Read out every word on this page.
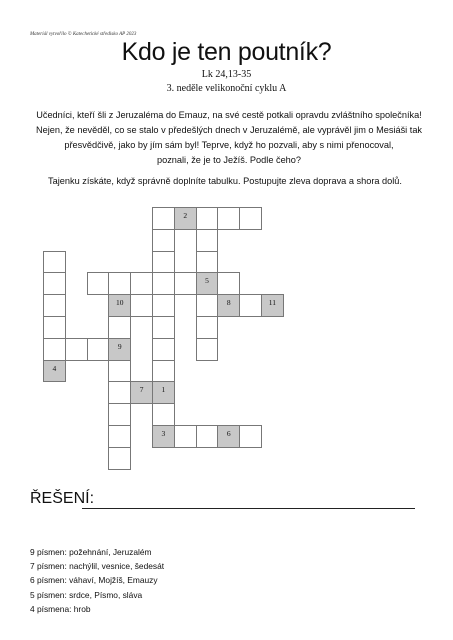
Materiál vytvořilo © Katechetické středisko AP 2023
Kdo je ten poutník?
Lk 24,13-35
3. neděle velikonoční cyklu A
Učedníci, kteří šli z Jeruzaléma do Emauz, na své cestě potkali opravdu zvláštního společníka!
Nejen, že nevěděl, co se stalo v předešlých dnech v Jeruzalémě, ale vyprávěl jim o Mesiáši tak
přesvědčivě, jako by jím sám byl! Teprve, když ho pozvali, aby s nimi přenocoval,
poznali, že je to Ježíš. Podle čeho?
Tajenku získáte, když správně doplníte tabulku. Postupujte zleva doprava a shora dolů.
2
5
10	8	11
9
4
7	1
3	6
ŘEŠENÍ:
9 písmen: požehnání, Jeruzalém
7 písmen: nachýlil, vesnice, šedesát
6 písmen: váhaví, Mojžíš, Emauzy
5 písmen: srdce, Písmo, sláva
4 písmena: hrob
